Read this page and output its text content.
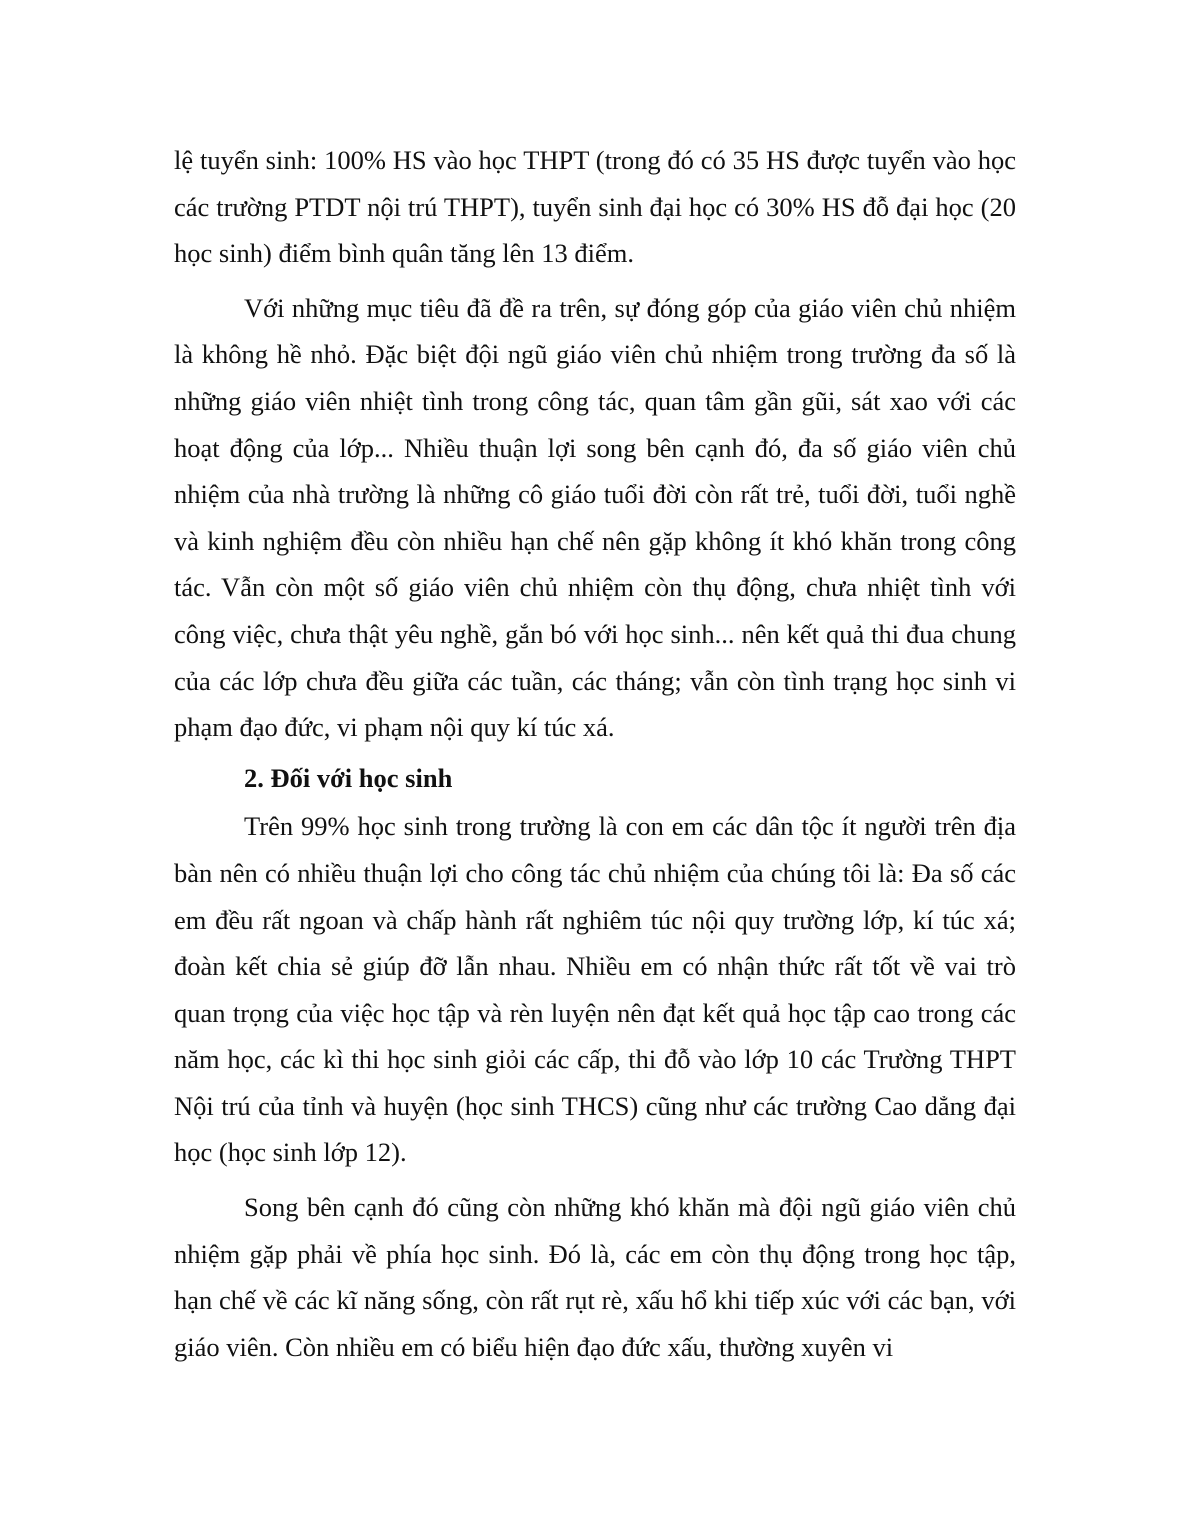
lệ tuyển sinh: 100% HS vào học THPT (trong đó có 35 HS được tuyển vào học các trường PTDT nội trú THPT), tuyển sinh đại học có 30% HS đỗ đại học (20 học sinh) điểm bình quân tăng lên 13 điểm.

Với những mục tiêu đã đề ra trên, sự đóng góp của giáo viên chủ nhiệm là không hề nhỏ. Đặc biệt đội ngũ giáo viên chủ nhiệm trong trường đa số là những giáo viên nhiệt tình trong công tác, quan tâm gần gũi, sát xao với các hoạt động của lớp... Nhiều thuận lợi song bên cạnh đó, đa số giáo viên chủ nhiệm của nhà trường là những cô giáo tuổi đời còn rất trẻ, tuổi đời, tuổi nghề và kinh nghiệm đều còn nhiều hạn chế nên gặp không ít khó khăn trong công tác. Vẫn còn một số giáo viên chủ nhiệm còn thụ động, chưa nhiệt tình với công việc, chưa thật yêu nghề, gắn bó với học sinh... nên kết quả thi đua chung của các lớp chưa đều giữa các tuần, các tháng; vẫn còn tình trạng học sinh vi phạm đạo đức, vi phạm nội quy kí túc xá.

2. Đối với học sinh

Trên 99% học sinh trong trường là con em các dân tộc ít người trên địa bàn nên có nhiều thuận lợi cho công tác chủ nhiệm của chúng tôi là: Đa số các em đều rất ngoan và chấp hành rất nghiêm túc nội quy trường lớp, kí túc xá; đoàn kết chia sẻ giúp đỡ lẫn nhau. Nhiều em có nhận thức rất tốt về vai trò quan trọng của việc học tập và rèn luyện nên đạt kết quả học tập cao trong các năm học, các kì thi học sinh giỏi các cấp, thi đỗ vào lớp 10 các Trường THPT Nội trú của tỉnh và huyện (học sinh THCS) cũng như các trường Cao dẳng đại học (học sinh lớp 12).

Song bên cạnh đó cũng còn những khó khăn mà đội ngũ giáo viên chủ nhiệm gặp phải về phía học sinh. Đó là, các em còn thụ động trong học tập, hạn chế về các kĩ năng sống, còn rất rụt rè, xấu hổ khi tiếp xúc với các bạn, với giáo viên. Còn nhiều em có biểu hiện đạo đức xấu, thường xuyên vi
